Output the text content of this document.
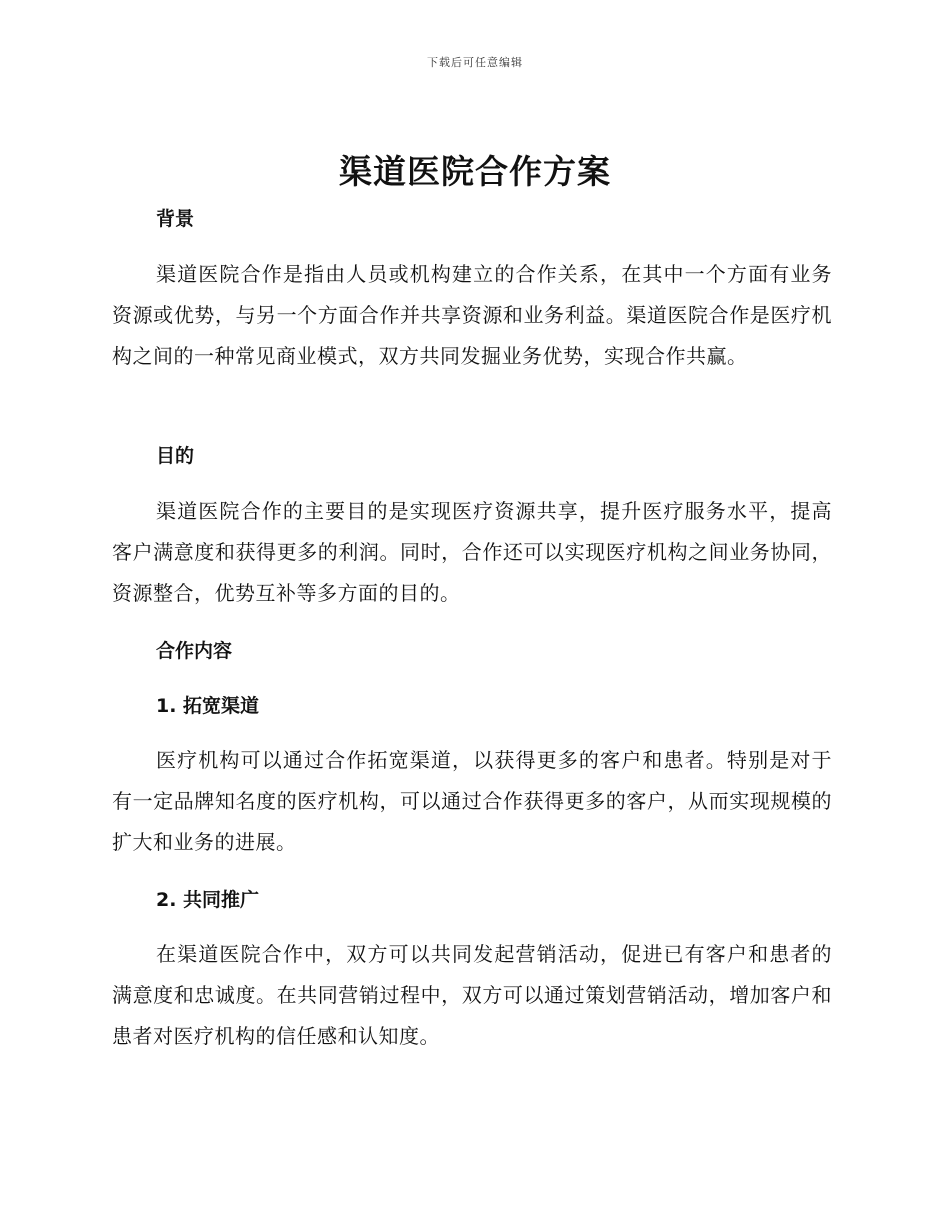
下载后可任意编辑
渠道医院合作方案
背景

渠道医院合作是指由人员或机构建立的合作关系，在其中一个方面有业务资源或优势，与另一个方面合作并共享资源和业务利益。渠道医院合作是医疗机构之间的一种常见商业模式，双方共同发掘业务优势，实现合作共赢。

目的

渠道医院合作的主要目的是实现医疗资源共享，提升医疗服务水平，提高客户满意度和获得更多的利润。同时，合作还可以实现医疗机构之间业务协同，资源整合，优势互补等多方面的目的。

合作内容
1. 拓宽渠道

医疗机构可以通过合作拓宽渠道，以获得更多的客户和患者。特别是对于有一定品牌知名度的医疗机构，可以通过合作获得更多的客户，从而实现规模的扩大和业务的进展。

2. 共同推广

在渠道医院合作中，双方可以共同发起营销活动，促进已有客户和患者的满意度和忠诚度。在共同营销过程中，双方可以通过策划营销活动，增加客户和患者对医疗机构的信任感和认知度。
